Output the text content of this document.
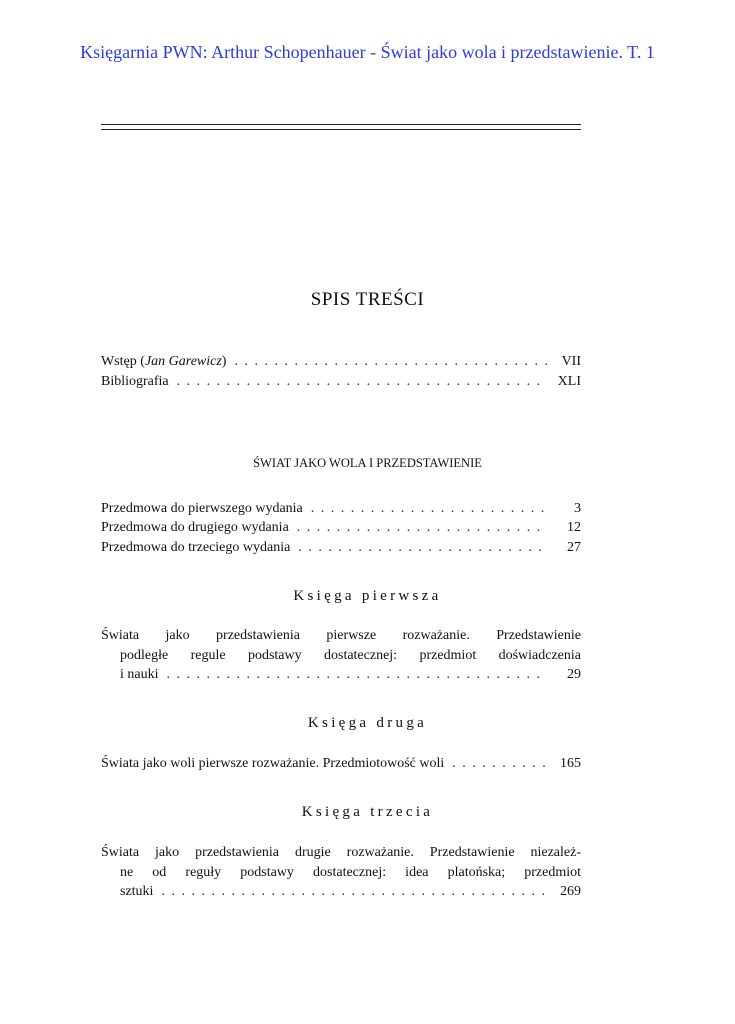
Księgarnia PWN: Arthur Schopenhauer - Świat jako wola i przedstawienie. T. 1
SPIS TREŚCI
Wstęp (Jan Garewicz) . . .	VII
Bibliografia . . .	XLI
ŚWIAT JAKO WOLA I PRZEDSTAWIENIE
Przedmowa do pierwszego wydania . . .	3
Przedmowa do drugiego wydania . . .	12
Przedmowa do trzeciego wydania . . .	27
Księga pierwsza
Świata jako przedstawienia pierwsze rozważanie. Przedstawienie
podległe regule podstawy dostatecznej: przedmiot doświadczenia
i nauki . . .	29
Księga druga
Świata jako woli pierwsze rozważanie. Przedmiotowość woli . . .	165
Księga trzecia
Świata jako przedstawienia drugie rozważanie. Przedstawienie niezależ-
ne od reguły podstawy dostatecznej: idea platońska; przedmiot
sztuki . . .	269
